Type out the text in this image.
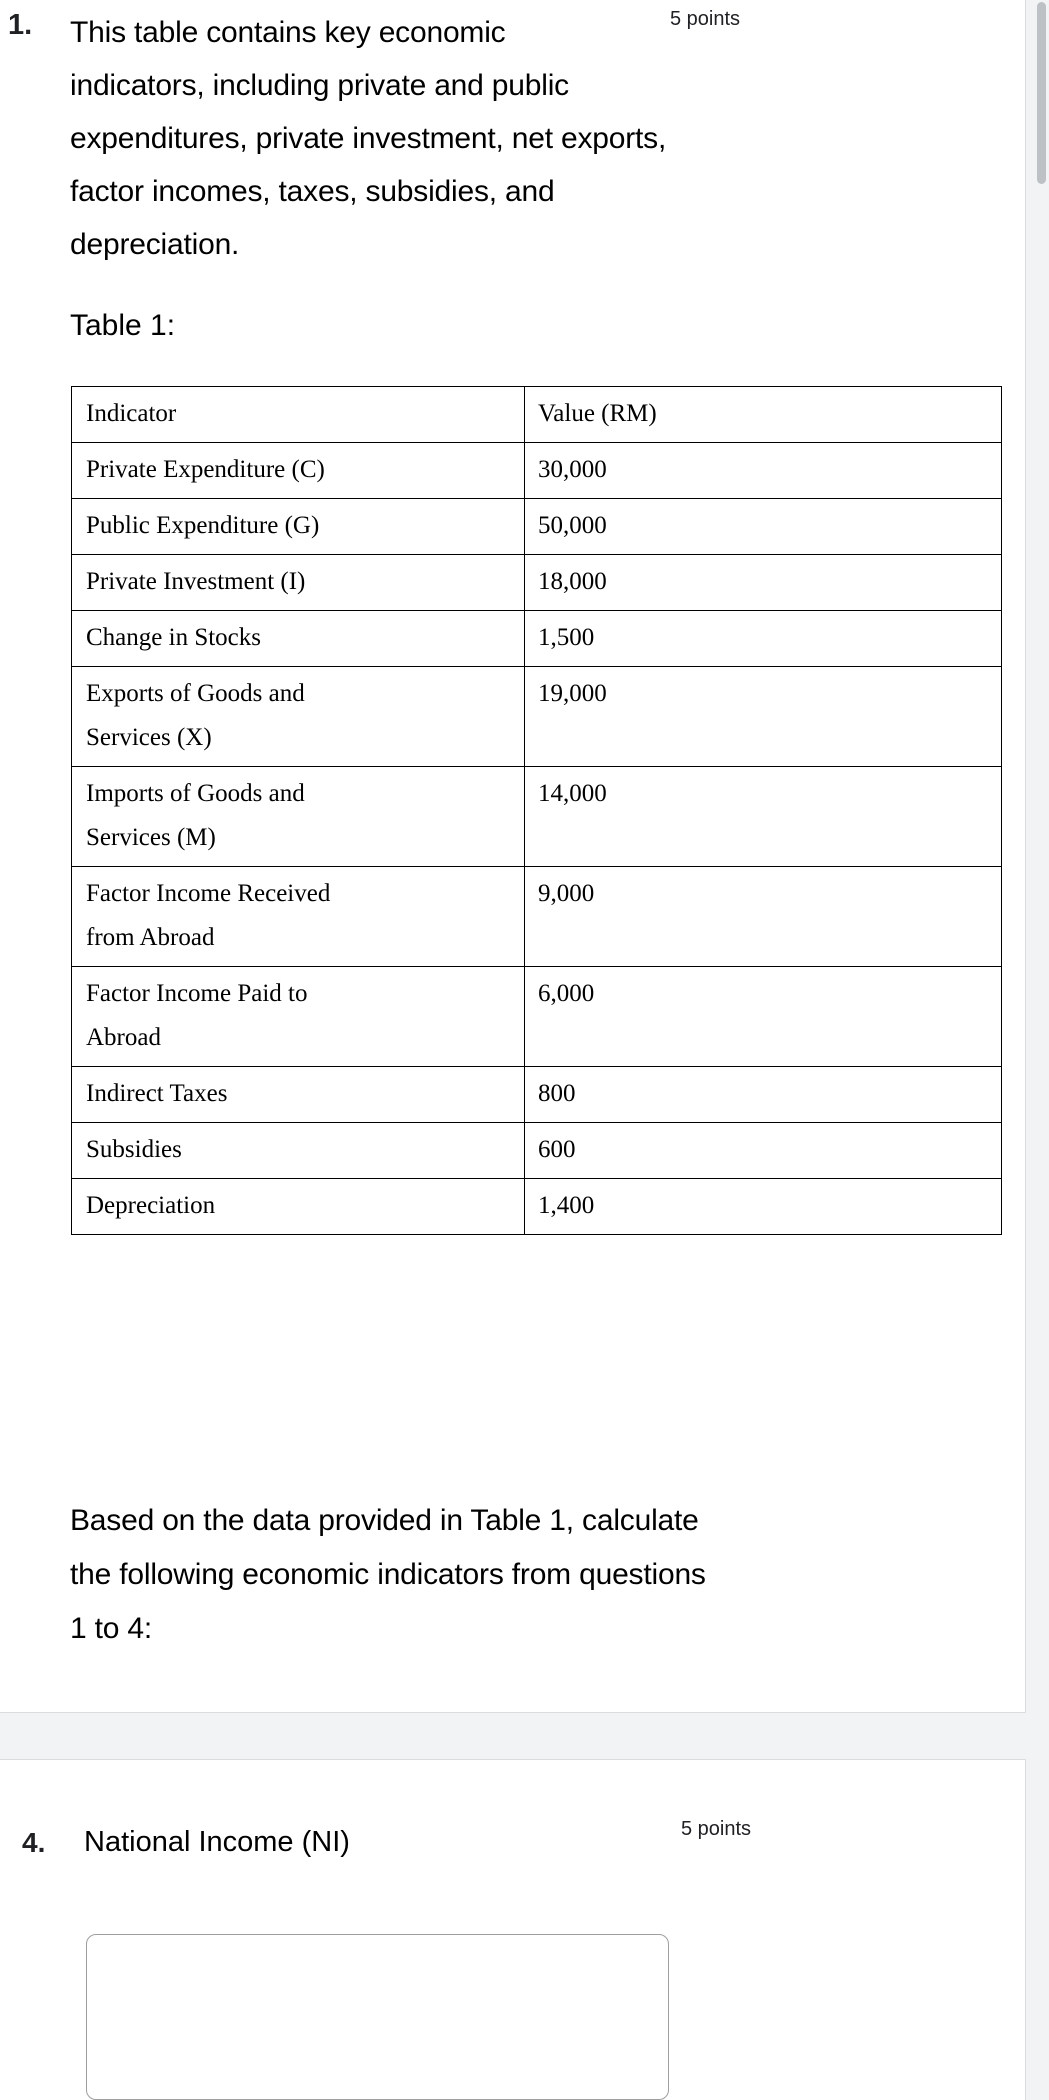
1.	5 points
This table contains key economic
indicators, including private and public
expenditures, private investment, net exports,
factor incomes, taxes, subsidies, and
depreciation.
Table 1:
Indicator	Value (RM)
Private Expenditure (C)	30,000
Public Expenditure (G)	50,000
Private Investment (I)	18,000
Change in Stocks	1,500

Exports of Goods and
Services (X)	19,000

Imports of Goods and
Services (M)	14,000

Factor Income Received
from Abroad	9,000

Factor Income Paid to
Abroad	6,000
Indirect Taxes	800
Subsidies	600
Depreciation	1,400
Based on the data provided in Table 1, calculate
the following economic indicators from questions
1 to 4:
4. National Income (NI)	5 points
